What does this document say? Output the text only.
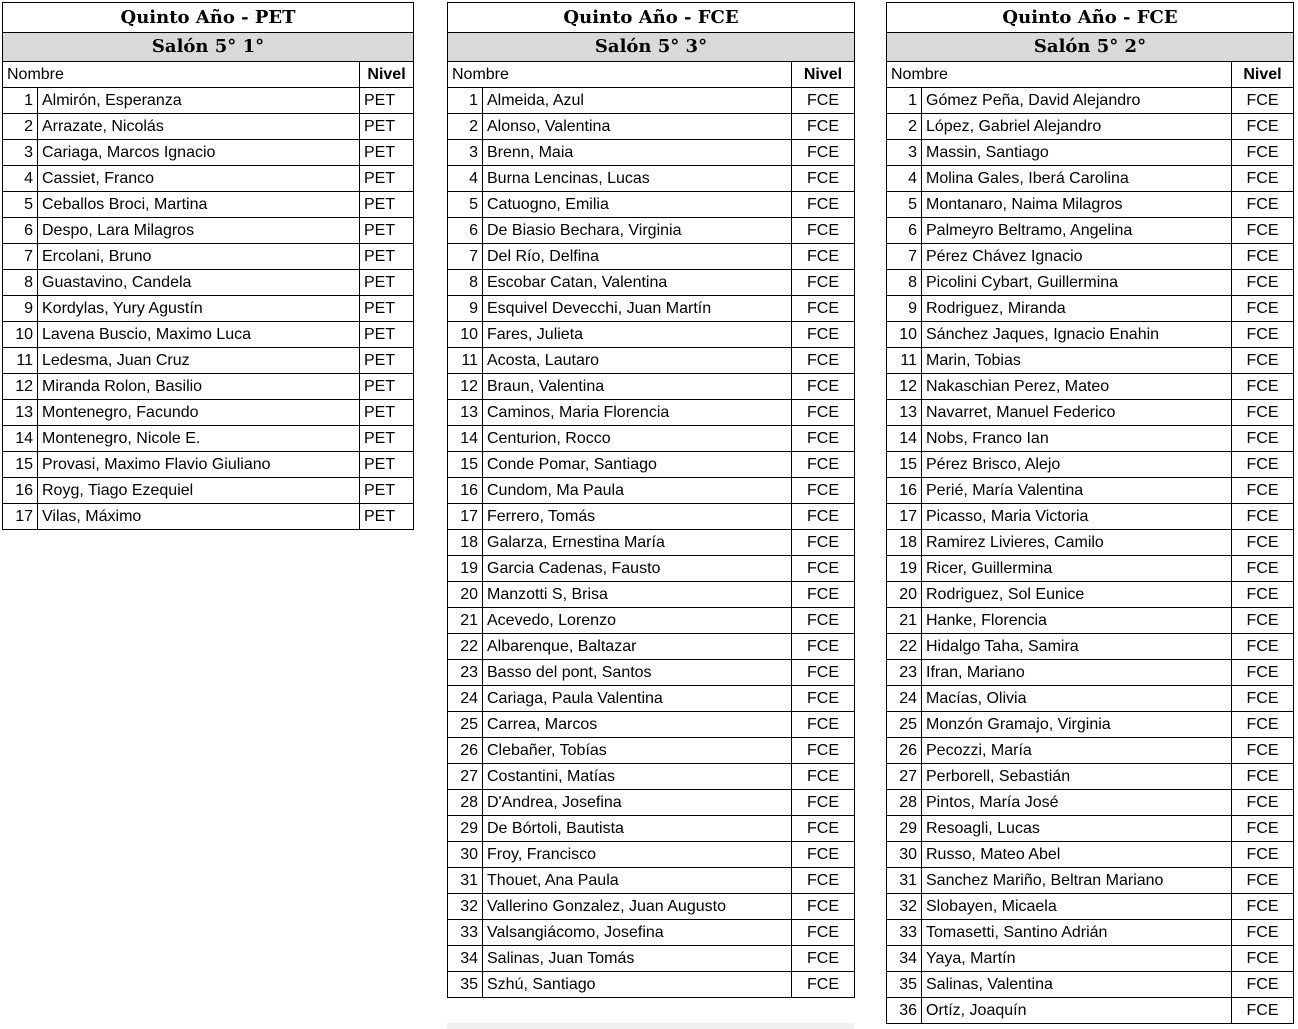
Quinto Año - PET		
Salón 5° 1°		
Nombre		Nivel
1	Almirón, Esperanza	PET
2	Arrazate, Nicolás	PET
3	Cariaga, Marcos Ignacio	PET
4	Cassiet, Franco	PET
5	Ceballos Broci, Martina	PET
6	Despo, Lara Milagros	PET
7	Ercolani, Bruno	PET
8	Guastavino, Candela	PET
9	Kordylas, Yury Agustín	PET
10	Lavena Buscio, Maximo Luca	PET
11	Ledesma, Juan Cruz	PET
12	Miranda Rolon, Basilio	PET
13	Montenegro, Facundo	PET
14	Montenegro, Nicole E.	PET
15	Provasi, Maximo Flavio Giuliano	PET
16	Royg, Tiago Ezequiel	PET
17	Vilas, Máximo	PET
Quinto Año - FCE		
Salón 5° 3°		
Nombre		Nivel
1	Almeida, Azul	FCE
2	Alonso, Valentina	FCE
3	Brenn, Maia	FCE
4	Burna Lencinas, Lucas	FCE
5	Catuogno, Emilia	FCE
6	De Biasio Bechara, Virginia	FCE
7	Del Río, Delfina	FCE
8	Escobar Catan, Valentina	FCE
9	Esquivel Devecchi, Juan Martín	FCE
10	Fares, Julieta	FCE
11	Acosta, Lautaro	FCE
12	Braun, Valentina	FCE
13	Caminos, Maria Florencia	FCE
14	Centurion, Rocco	FCE
15	Conde Pomar, Santiago	FCE
16	Cundom, Ma Paula	FCE
17	Ferrero, Tomás	FCE
18	Galarza, Ernestina María	FCE
19	Garcia Cadenas, Fausto	FCE
20	Manzotti S, Brisa	FCE
21	Acevedo, Lorenzo	FCE
22	Albarenque, Baltazar	FCE
23	Basso del pont, Santos	FCE
24	Cariaga, Paula Valentina	FCE
25	Carrea, Marcos	FCE
26	Clebañer, Tobías	FCE
27	Costantini, Matías	FCE
28	D'Andrea, Josefina	FCE
29	De Bórtoli, Bautista	FCE
30	Froy, Francisco	FCE
31	Thouet, Ana Paula	FCE
32	Vallerino Gonzalez, Juan Augusto	FCE
33	Valsangiácomo, Josefina	FCE
34	Salinas, Juan Tomás	FCE
35	Szhú, Santiago	FCE
Quinto Año - FCE		
Salón 5° 2°		
Nombre		Nivel
1	Gómez Peña, David Alejandro	FCE
2	López, Gabriel Alejandro	FCE
3	Massin, Santiago	FCE
4	Molina Gales, Iberá Carolina	FCE
5	Montanaro, Naima Milagros	FCE
6	Palmeyro Beltramo, Angelina	FCE
7	Pérez Chávez Ignacio	FCE
8	Picolini Cybart, Guillermina	FCE
9	Rodriguez, Miranda	FCE
10	Sánchez Jaques, Ignacio Enahin	FCE
11	Marin, Tobias	FCE
12	Nakaschian Perez, Mateo	FCE
13	Navarret, Manuel Federico	FCE
14	Nobs, Franco Ian	FCE
15	Pérez Brisco, Alejo	FCE
16	Perié, María Valentina	FCE
17	Picasso, Maria Victoria	FCE
18	Ramirez Livieres, Camilo	FCE
19	Ricer, Guillermina	FCE
20	Rodriguez, Sol Eunice	FCE
21	Hanke, Florencia	FCE
22	Hidalgo Taha, Samira	FCE
23	Ifran, Mariano	FCE
24	Macías, Olivia	FCE
25	Monzón Gramajo, Virginia	FCE
26	Pecozzi, María	FCE
27	Perborell, Sebastián	FCE
28	Pintos, María José	FCE
29	Resoagli, Lucas	FCE
30	Russo, Mateo Abel	FCE
31	Sanchez Mariño, Beltran Mariano	FCE
32	Slobayen, Micaela	FCE
33	Tomasetti, Santino Adrián	FCE
34	Yaya, Martín	FCE
35	Salinas, Valentina	FCE
36	Ortíz, Joaquín	FCE
